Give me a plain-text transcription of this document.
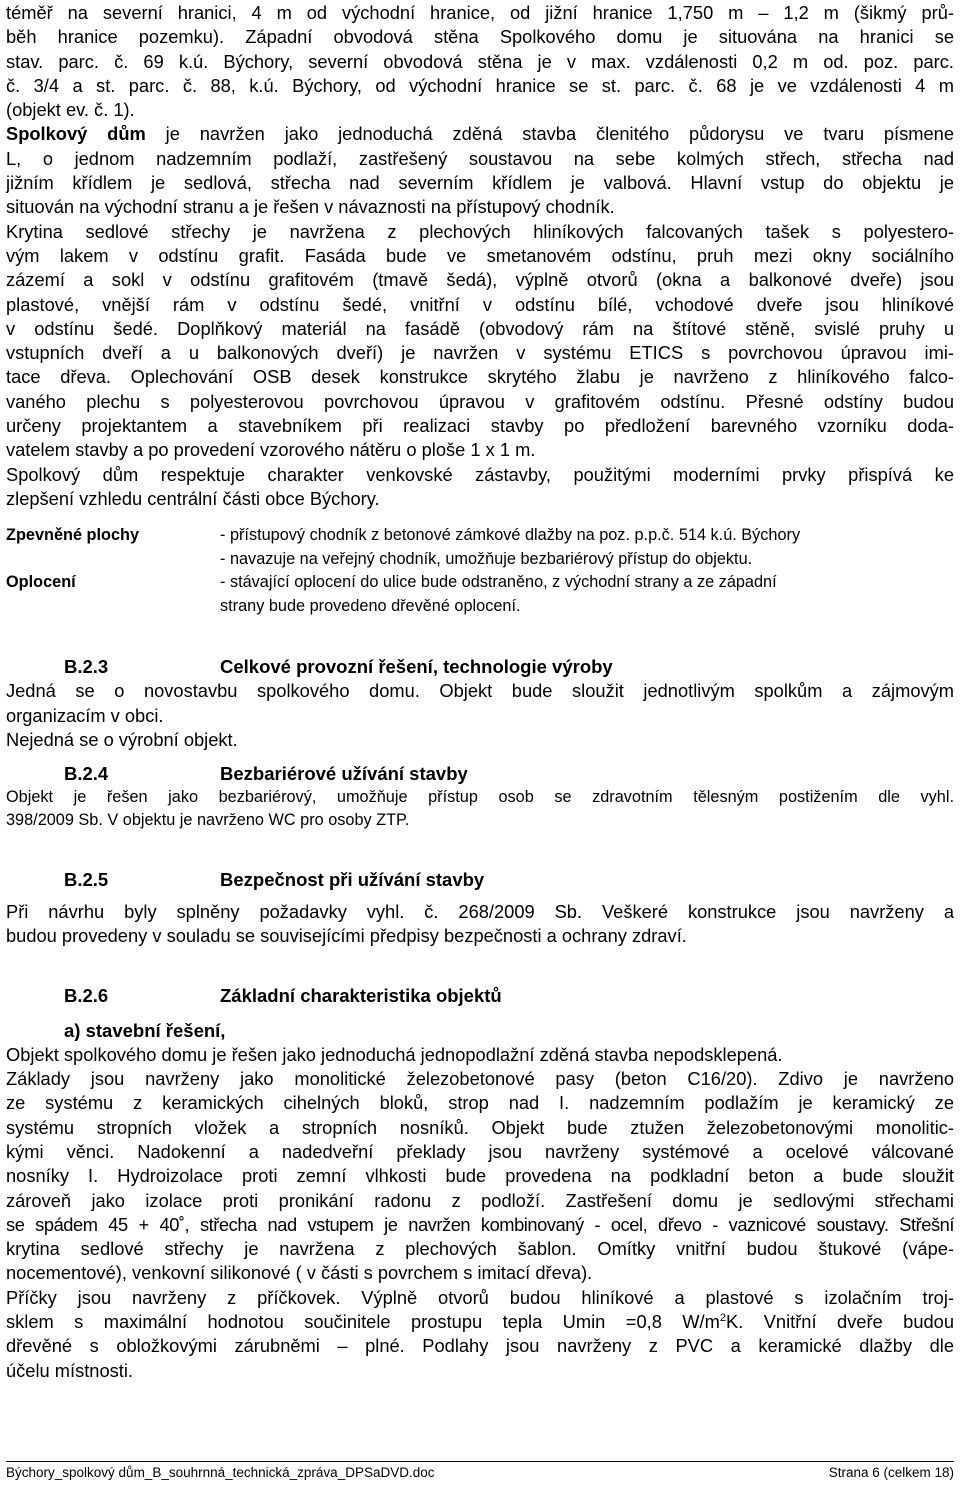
téměř na severní hranici, 4 m od východní hranice, od jižní hranice 1,750 m – 1,2 m (šikmý prů-
běh hranice pozemku). Západní obvodová stěna Spolkového domu je situována na hranici se
stav. parc. č. 69 k.ú. Býchory, severní obvodová stěna je v max. vzdálenosti 0,2 m od. poz. parc.
č. 3/4 a st. parc. č. 88, k.ú. Býchory, od východní hranice se st. parc. č. 68 je ve vzdálenosti 4 m
(objekt ev. č. 1).
Spolkový dům je navržen jako jednoduchá zděná stavba členitého půdorysu ve tvaru písmene
L, o jednom nadzemním podlaží, zastřešený soustavou na sebe kolmých střech, střecha nad
jižním křídlem je sedlová, střecha nad severním křídlem je valbová. Hlavní vstup do objektu je
situován na východní stranu a je řešen v návaznosti na přístupový chodník.
Krytina sedlové střechy je navržena z plechových hliníkových falcovaných tašek s polyestero-
vým lakem v odstínu grafit. Fasáda bude ve smetanovém odstínu, pruh mezi okny sociálního
zázemí a sokl v odstínu grafitovém (tmavě šedá), výplně otvorů (okna a balkonové dveře) jsou
plastové, vnější rám v odstínu šedé, vnitřní v odstínu bílé, vchodové dveře jsou hliníkové
v odstínu šedé. Doplňkový materiál na fasádě (obvodový rám na štítové stěně, svislé pruhy u
vstupních dveří a u balkonových dveří) je navržen v systému ETICS s povrchovou úpravou imi-
tace dřeva. Oplechování OSB desek konstrukce skrytého žlabu je navrženo z hliníkového falco-
vaného plechu s polyesterovou povrchovou úpravou v grafitovém odstínu. Přesné odstíny budou
určeny projektantem a stavebníkem při realizaci stavby po předložení barevného vzorníku doda-
vatelem stavby a po provedení vzorového nátěru o ploše 1 x 1 m.
Spolkový dům respektuje charakter venkovské zástavby, použitými moderními prvky přispívá ke
zlepšení vzhledu centrální části obce Býchory.
Zpevněné plochy	- přístupový chodník z betonové zámkové dlažby na poz. p.p.č. 514 k.ú. Býchory
- navazuje na veřejný chodník, umožňuje bezbariérový přístup do objektu.
Oplocení	- stávající oplocení do ulice bude odstraněno, z východní strany a ze západní
strany bude provedeno dřevěné oplocení.
B.2.3	Celkové provozní řešení, technologie výroby
Jedná se o novostavbu spolkového domu. Objekt bude sloužit jednotlivým spolkům a zájmovým
organizacím v obci.
Nejedná se o výrobní objekt.
B.2.4	Bezbariérové užívání stavby
Objekt je řešen jako bezbariérový, umožňuje přístup osob se zdravotním tělesným postižením dle vyhl.
398/2009 Sb. V objektu je navrženo WC pro osoby ZTP.
B.2.5	Bezpečnost při užívání stavby
Při návrhu byly splněny požadavky vyhl. č. 268/2009 Sb. Veškeré konstrukce jsou navrženy a
budou provedeny v souladu se souvisejícími předpisy bezpečnosti a ochrany zdraví.
B.2.6	Základní charakteristika objektů
a) stavební řešení,
Objekt spolkového domu je řešen jako jednoduchá jednopodlažní zděná stavba nepodsklepená.
Základy jsou navrženy jako monolitické železobetonové pasy (beton C16/20). Zdivo je navrženo
ze systému z keramických cihelných bloků, strop nad I. nadzemním podlažím je keramický ze
systému stropních vložek a stropních nosníků. Objekt bude ztužen železobetonovými monolitic-
kými věnci. Nadokenní a nadedveřní překlady jsou navrženy systémové a ocelové válcované
nosníky I. Hydroizolace proti zemní vlhkosti bude provedena na podkladní beton a bude sloužit
zároveň jako izolace proti pronikání radonu z podloží. Zastřešení domu je sedlovými střechami
se spádem 45 + 40˚, střecha nad vstupem je navržen kombinovaný - ocel, dřevo - vaznicové soustavy. Střešní
krytina sedlové střechy je navržena z plechových šablon. Omítky vnitřní budou štukové (vápe-
nocementové), venkovní silikonové ( v části s povrchem s imitací dřeva).
Příčky jsou navrženy z příčkovek. Výplně otvorů budou hliníkové a plastové s izolačním troj-
sklem s maximální hodnotou součinitele prostupu tepla Umin =0,8 $W/m^2K$. Vnitřní dveře budou
dřevěné s obložkovými zárubněmi – plné. Podlahy jsou navrženy z PVC a keramické dlažby dle
účelu místnosti.
Býchory_spolkový dům_B_souhrnná_technická_zpráva_DPSaDVD.doc	Strana 6 (celkem 18)
